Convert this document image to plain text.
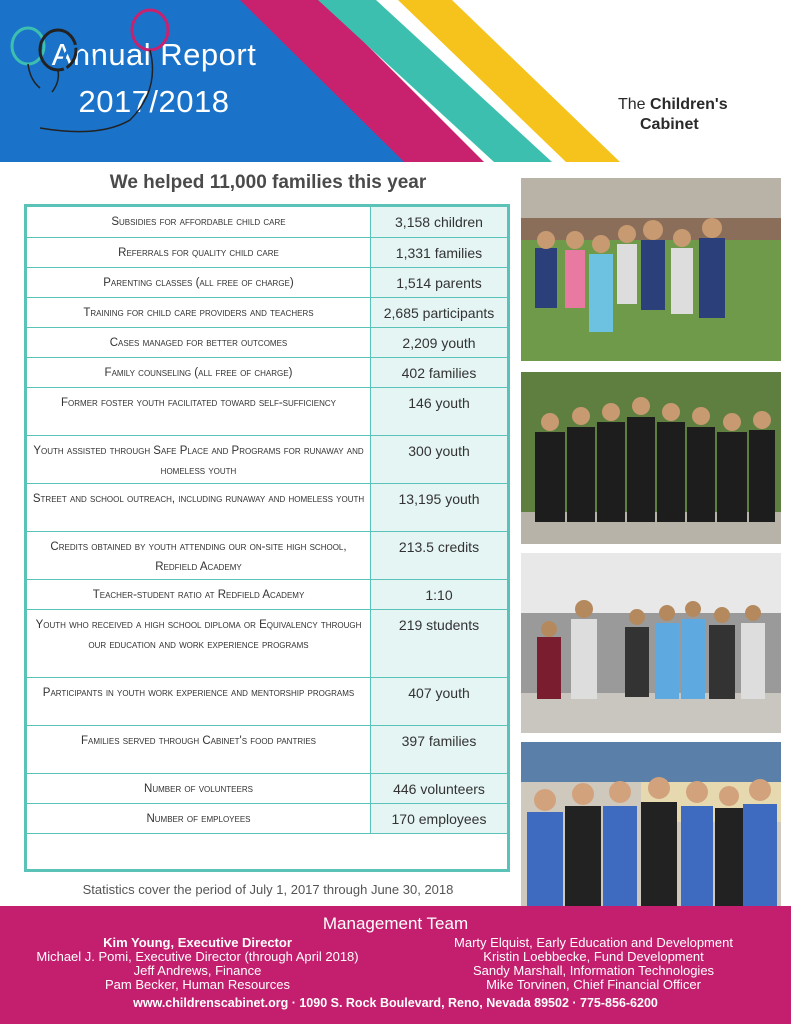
Annual Report
2017/2018	The Children's
Cabinet
We helped 11,000 families this year
Subsidies for affordable child care	3,158 children
Referrals for quality child care	1,331 families
Parenting classes (all free of charge)	1,514 parents
Training for child care providers and teachers	2,685 participants
Cases managed for better outcomes	2,209 youth
Family counseling (all free of charge)	402 families
Former foster youth facilitated toward self-sufficiency	146 youth
Youth assisted through Safe Place and Programs for runaway and homeless youth	300 youth
Street and school outreach, including runaway and homeless youth	13,195 youth
Credits obtained by youth attending our on-site high school, Redfield Academy	213.5 credits
Teacher-student ratio at Redfield Academy	1:10
Youth who received a high school diploma or Equivalency through our education and work experience programs	219 students
Participants in youth work experience and mentorship programs	407 youth
Families served through Cabinet's food pantries	397 families
Number of volunteers	446 volunteers
Number of employees	170 employees
Statistics cover the period of July 1, 2017 through June 30, 2018
Management Team
Kim Young, Executive Director
Michael J. Pomi, Executive Director (through April 2018)
Jeff Andrews, Finance
Pam Becker, Human Resources
Marty Elquist, Early Education and Development
Kristin Loebbecke, Fund Development
Sandy Marshall, Information Technologies
Mike Torvinen, Chief Financial Officer
www.childrenscabinet.org · 1090 S. Rock Boulevard, Reno, Nevada 89502 · 775-856-6200
